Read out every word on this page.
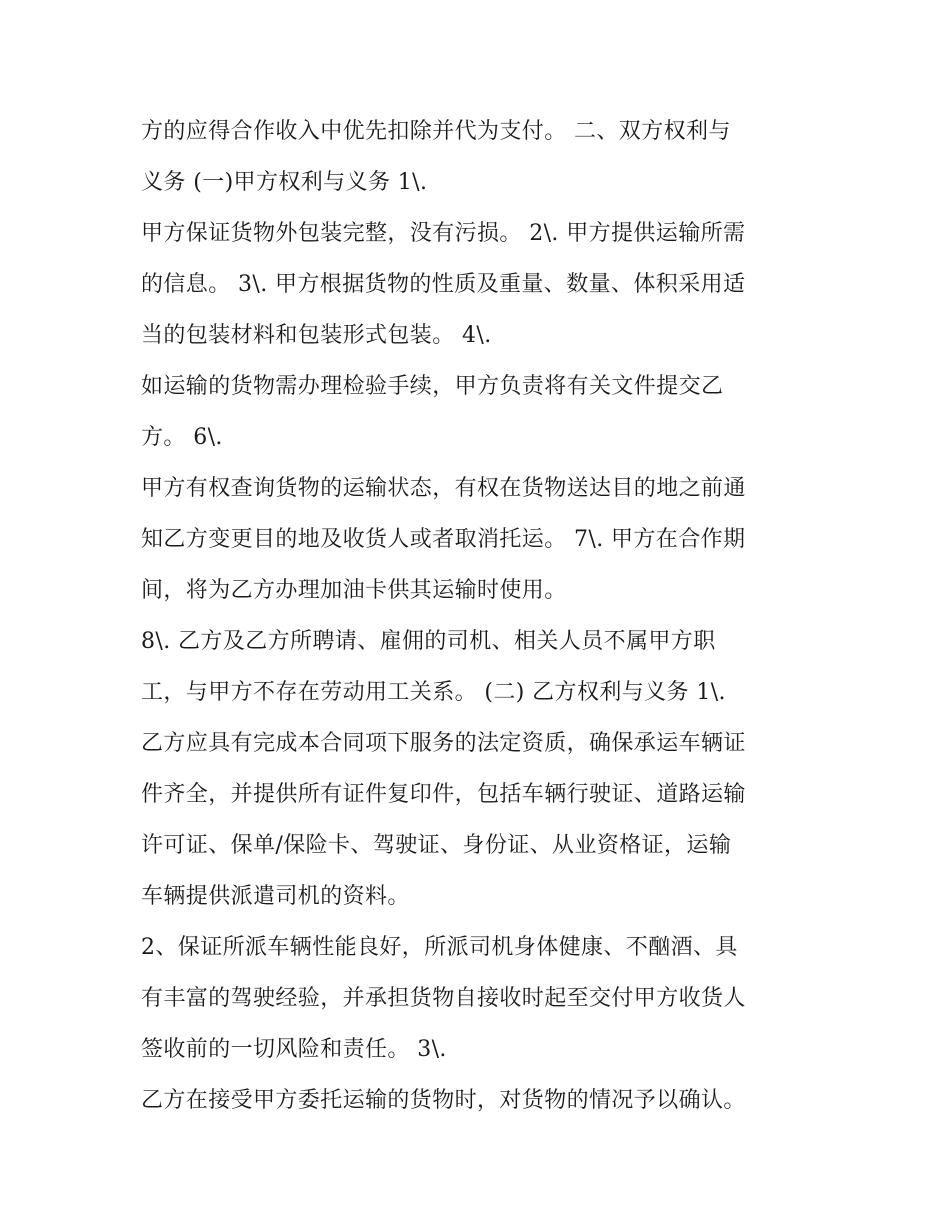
方的应得合作收入中优先扣除并代为支付。 二、双方权利与
义务 (一)甲方权利与义务 1\.
甲方保证货物外包装完整，没有污损。 2\. 甲方提供运输所需
的信息。 3\. 甲方根据货物的性质及重量、数量、体积采用适
当的包装材料和包装形式包装。 4\.
如运输的货物需办理检验手续，甲方负责将有关文件提交乙
方。 6\.
甲方有权查询货物的运输状态，有权在货物送达目的地之前通
知乙方变更目的地及收货人或者取消托运。 7\. 甲方在合作期
间，将为乙方办理加油卡供其运输时使用。
8\. 乙方及乙方所聘请、雇佣的司机、相关人员不属甲方职
工，与甲方不存在劳动用工关系。 (二) 乙方权利与义务 1\.
乙方应具有完成本合同项下服务的法定资质，确保承运车辆证
件齐全，并提供所有证件复印件，包括车辆行驶证、道路运输
许可证、保单/保险卡、驾驶证、身份证、从业资格证，运输
车辆提供派遣司机的资料。
2、保证所派车辆性能良好，所派司机身体健康、不酗酒、具
有丰富的驾驶经验，并承担货物自接收时起至交付甲方收货人
签收前的一切风险和责任。 3\.
乙方在接受甲方委托运输的货物时，对货物的情况予以确认。
